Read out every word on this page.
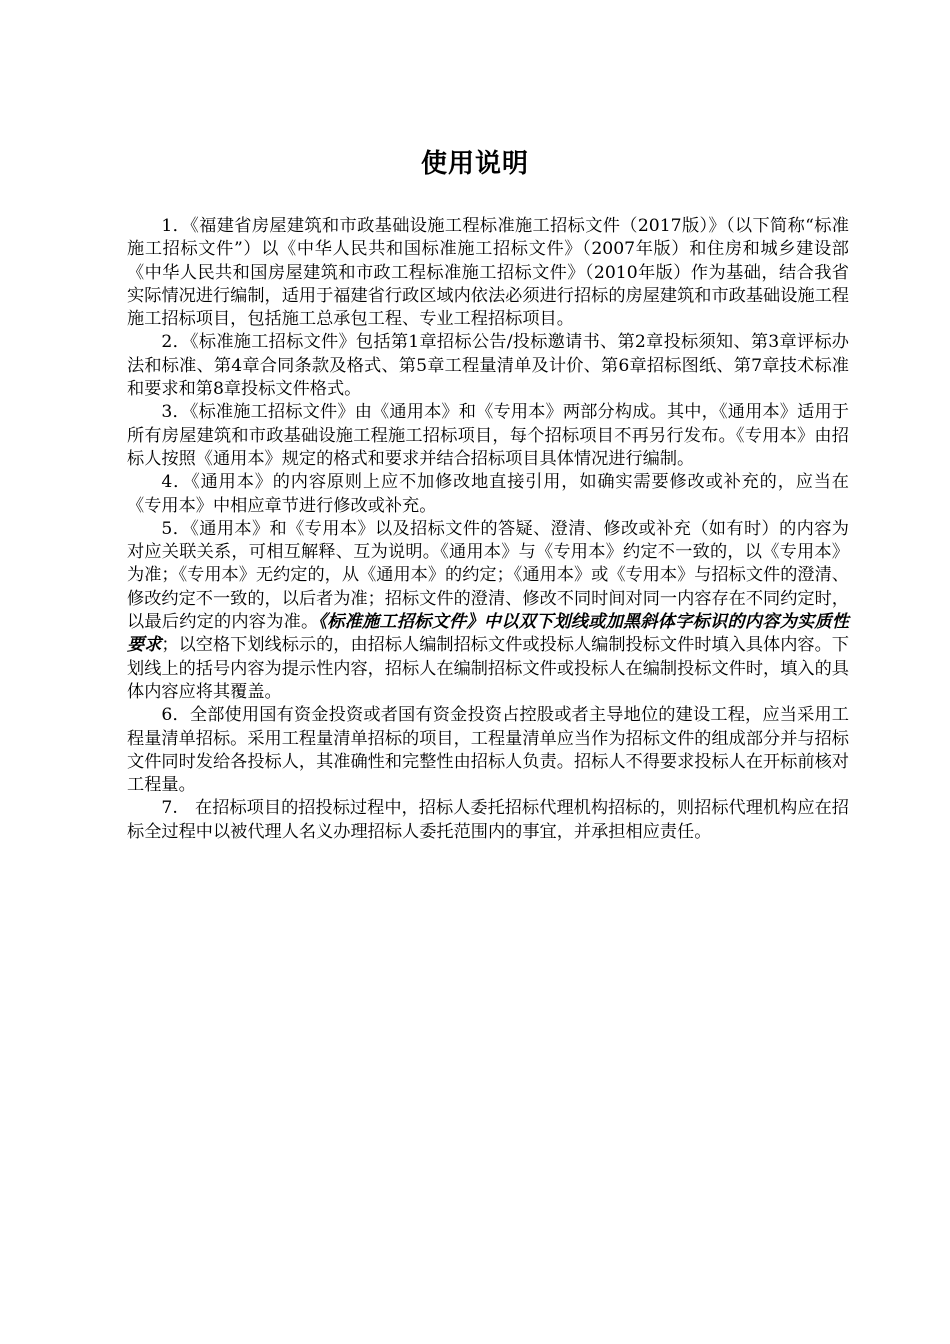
使用说明

1．《福建省房屋建筑和市政基础设施工程标准施工招标文件（2017版）》（以下简称“标准施工招标文件”）以《中华人民共和国标准施工招标文件》（2007年版）和住房和城乡建设部《中华人民共和国房屋建筑和市政工程标准施工招标文件》（2010年版）作为基础，结合我省实际情况进行编制，适用于福建省行政区域内依法必须进行招标的房屋建筑和市政基础设施工程施工招标项目，包括施工总承包工程、专业工程招标项目。

2．《标准施工招标文件》包括第1章招标公告/投标邀请书、第2章投标须知、第3章评标办法和标准、第4章合同条款及格式、第5章工程量清单及计价、第6章招标图纸、第7章技术标准和要求和第8章投标文件格式。

3．《标准施工招标文件》由《通用本》和《专用本》两部分构成。其中，《通用本》适用于所有房屋建筑和市政基础设施工程施工招标项目，每个招标项目不再另行发布。《专用本》由招标人按照《通用本》规定的格式和要求并结合招标项目具体情况进行编制。

4．《通用本》的内容原则上应不加修改地直接引用，如确实需要修改或补充的，应当在《专用本》中相应章节进行修改或补充。

5．《通用本》和《专用本》以及招标文件的答疑、澄清、修改或补充（如有时）的内容为对应关联关系，可相互解释、互为说明。《通用本》与《专用本》约定不一致的，以《专用本》为准；《专用本》无约定的，从《通用本》的约定；《通用本》或《专用本》与招标文件的澄清、修改约定不一致的，以后者为准；招标文件的澄清、修改不同时间对同一内容存在不同约定时，以最后约定的内容为准。《标准施工招标文件》中以双下划线或加黑斜体字标识的内容为实质性要求；以空格下划线标示的，由招标人编制招标文件或投标人编制投标文件时填入具体内容。下划线上的括号内容为提示性内容，招标人在编制招标文件或投标人在编制投标文件时，填入的具体内容应将其覆盖。

6．全部使用国有资金投资或者国有资金投资占控股或者主导地位的建设工程，应当采用工程量清单招标。采用工程量清单招标的项目，工程量清单应当作为招标文件的组成部分并与招标文件同时发给各投标人，其准确性和完整性由招标人负责。招标人不得要求投标人在开标前核对工程量。

7.　在招标项目的招投标过程中，招标人委托招标代理机构招标的，则招标代理机构应在招标全过程中以被代理人名义办理招标人委托范围内的事宜，并承担相应责任。
